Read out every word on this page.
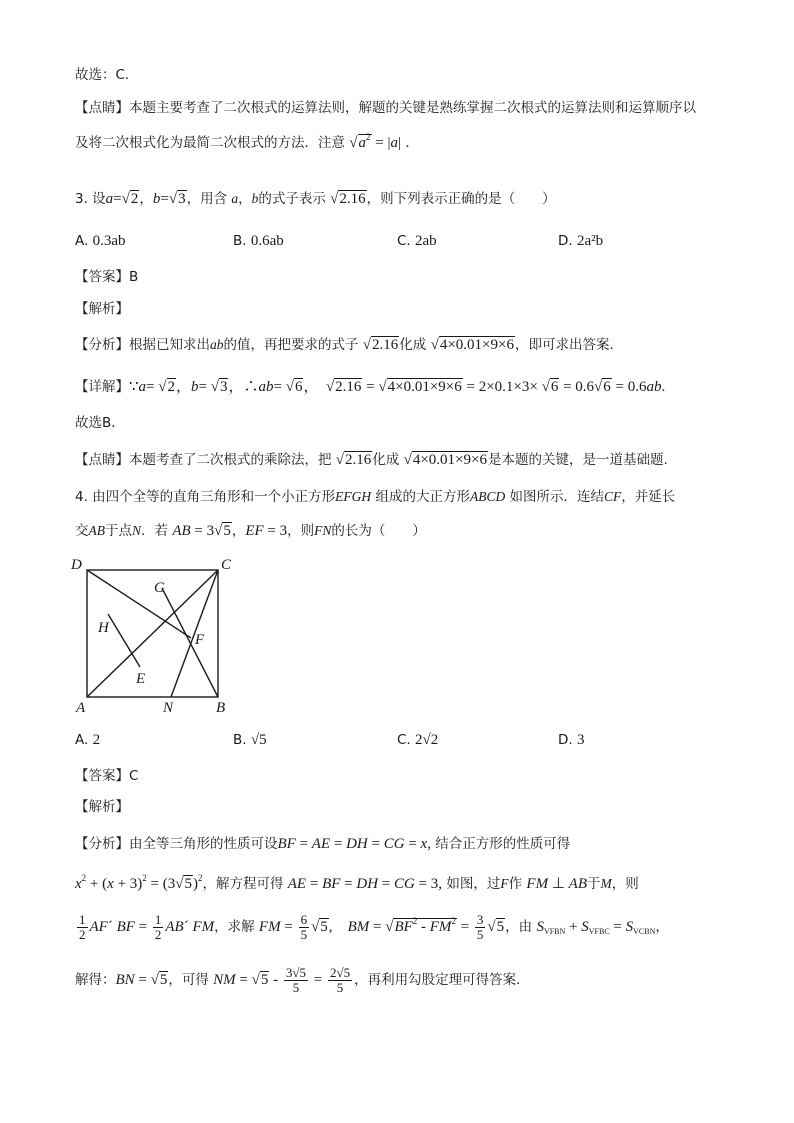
故选：C．
【点睛】本题主要考查了二次根式的运算法则，解题的关键是熟练掌握二次根式的运算法则和运算顺序以
及将二次根式化为最简二次根式的方法．注意 $√a^2 = |a|$ ．
3. 设a=√2，b=√3，用含 a，b的式子表示 √2.16，则下列表示正确的是（　　）
A. 0.3ab	B. 0.6ab	C. 2ab	D. 2a²b
【答案】B
【解析】
【分析】根据已知求出ab的值，再把要求的式子 √2.16化成 √4×0.01×9×6，即可求出答案.
【详解】∵a= √2，b= √3，∴ab= √6，　√2.16 = √4×0.01×9×6 = 2×0.1×3× √6 = 0.6√6 = 0.6ab.
故选B．
【点睛】本题考查了二次根式的乘除法，把 √2.16化成 √4×0.01×9×6是本题的关键，是一道基础题.
4. 由四个全等的直角三角形和一个小正方形EFGH 组成的大正方形ABCD 如图所示．连结CF，并延长
交AB于点N．若 AB = 3√5，EF = 3，则FN的长为（　　）
D	C
G
H
F
E
A	N	B
A. 2	B. √5	C. 2√2	D. 3
【答案】C
【解析】
【分析】由全等三角形的性质可设BF = AE = DH = CG = x, 结合正方形的性质可得
$x^2 + (x + 3)^2 = (3√5)^2$，解方程可得 AE = BF = DH = CG = 3, 如图，过F作 FM ⊥ AB于M，则
$\frac{1}{2}$ AF´ BF = $\frac{1}{2}$ AB´ FM，求解 FM = $\frac{6}{5} √5$,　BM = $√BF^2 - FM^2 = \frac{3}{5} √5$，由 $S_{VFBN} + S_{VFBC} = S_{VCBN}$，
解得：BN = √5，可得 NM = $√5 - \frac{3√5}{5} = \frac{2√5}{5}$ ，再利用勾股定理可得答案．
